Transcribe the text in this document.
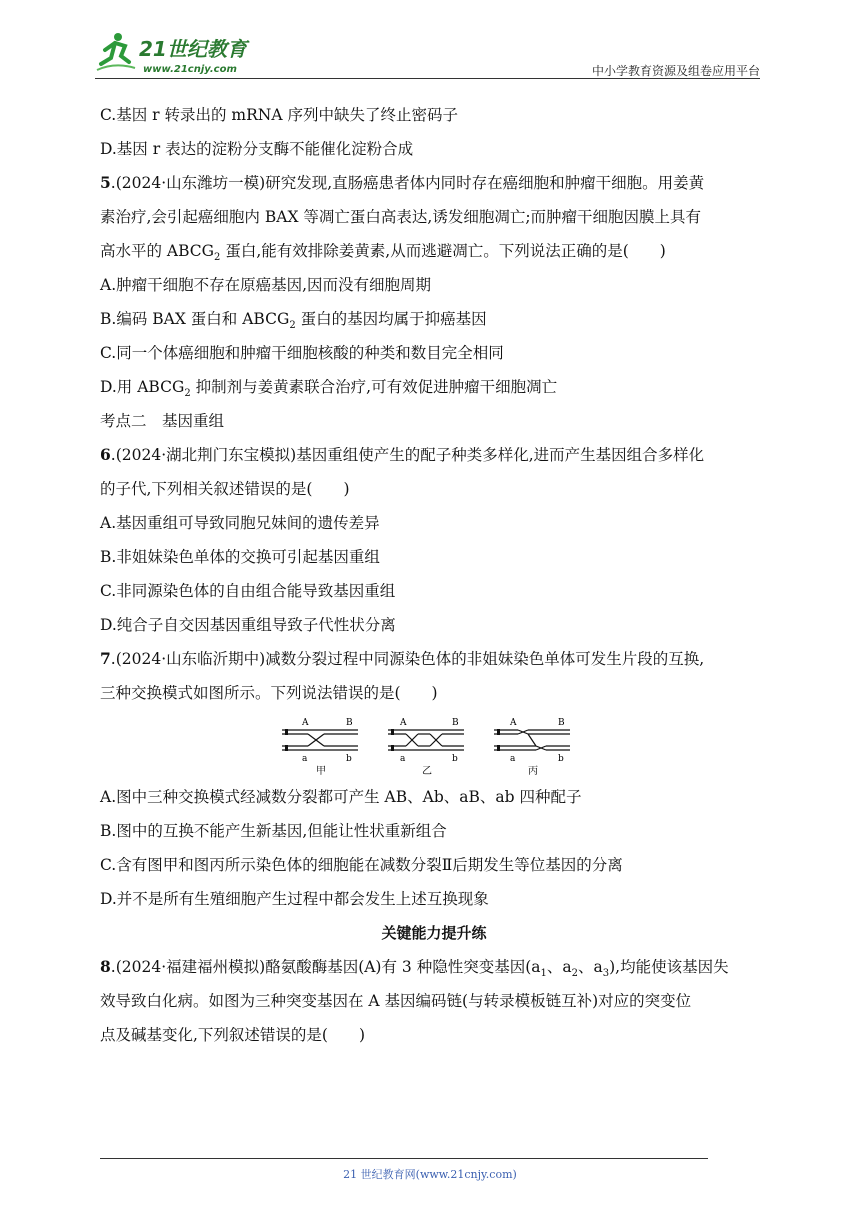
21世纪教育
www.21cnjy.com	中小学教育资源及组卷应用平台
C.基因 r 转录出的 mRNA 序列中缺失了终止密码子
D.基因 r 表达的淀粉分支酶不能催化淀粉合成
5.(2024·山东潍坊一模)研究发现,直肠癌患者体内同时存在癌细胞和肿瘤干细胞。用姜黄
素治疗,会引起癌细胞内 BAX 等凋亡蛋白高表达,诱发细胞凋亡;而肿瘤干细胞因膜上具有
高水平的 $ABCG_2$ 蛋白,能有效排除姜黄素,从而逃避凋亡。下列说法正确的是(　　)
A.肿瘤干细胞不存在原癌基因,因而没有细胞周期
B.编码 BAX 蛋白和 $ABCG_2$ 蛋白的基因均属于抑癌基因
C.同一个体癌细胞和肿瘤干细胞核酸的种类和数目完全相同
D.用 $ABCG_2$ 抑制剂与姜黄素联合治疗,可有效促进肿瘤干细胞凋亡
考点二　基因重组
6.(2024·湖北荆门东宝模拟)基因重组使产生的配子种类多样化,进而产生基因组合多样化
的子代,下列相关叙述错误的是(　　)
A.基因重组可导致同胞兄妹间的遗传差异
B.非姐妹染色单体的交换可引起基因重组
C.非同源染色体的自由组合能导致基因重组
D.纯合子自交因基因重组导致子代性状分离
7.(2024·山东临沂期中)减数分裂过程中同源染色体的非姐妹染色单体可发生片段的互换,
三种交换模式如图所示。下列说法错误的是(　　)
A	B
a	b
甲
A	B
a	b
乙
A	B
a	b
丙
A.图中三种交换模式经减数分裂都可产生 AB、Ab、aB、ab 四种配子
B.图中的互换不能产生新基因,但能让性状重新组合
C.含有图甲和图丙所示染色体的细胞能在减数分裂Ⅱ后期发生等位基因的分离
D.并不是所有生殖细胞产生过程中都会发生上述互换现象
关键能力提升练
8.(2024·福建福州模拟)酪氨酸酶基因(A)有 3 种隐性突变基因($a_1$、$a_2$、$a_3$),均能使该基因失
效导致白化病。如图为三种突变基因在 A 基因编码链(与转录模板链互补)对应的突变位
点及碱基变化,下列叙述错误的是(　　)
21 世纪教育网(www.21cnjy.com)
